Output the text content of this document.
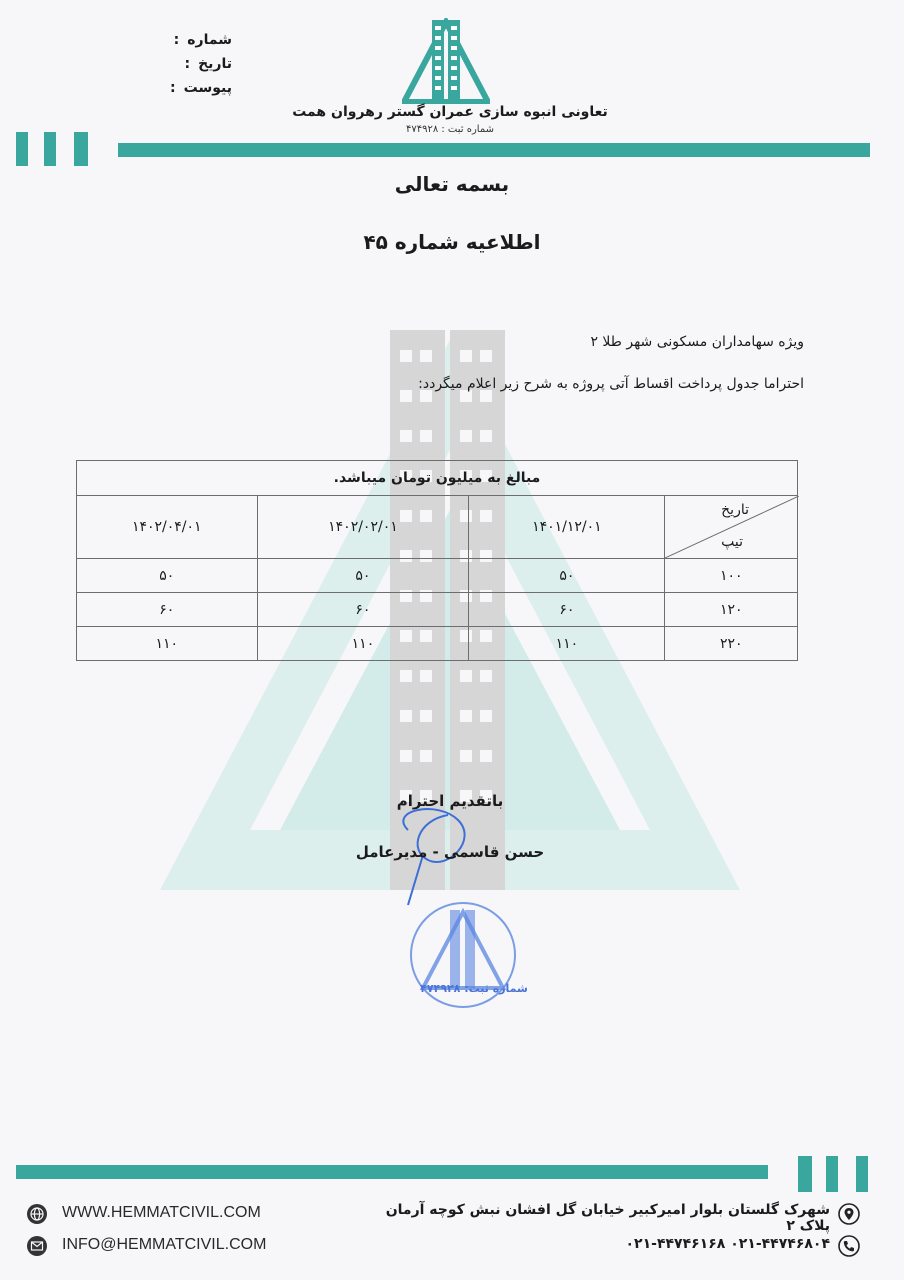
شماره
:
تاریخ
:
پیوست
:
تعاونی انبوه سازی عمران گستر رهروان همت
شماره ثبت : ۴۷۴۹۲۸
بسمه تعالی
اطلاعیه شماره ۴۵
ویژه سهامداران مسکونی شهر طلا ۲
احتراما جدول پرداخت اقساط آتی پروژه به شرح زیر اعلام میگردد:
مبالغ به میلیون تومان میباشد.			

تاریخ
تیپ	۱۴۰۱/۱۲/۰۱	۱۴۰۲/۰۲/۰۱	۱۴۰۲/۰۴/۰۱
۱۰۰	۵۰	۵۰	۵۰
۱۲۰	۶۰	۶۰	۶۰
۲۲۰	۱۱۰	۱۱۰	۱۱۰
شماره ثبت: ۴۷۴۹۲۸
باتقدیم احترام
حسن قاسمی - مدیرعامل
شهرک گلستان بلوار امیرکبیر خیابان گل افشان نبش کوچه آرمان پلاک ۲
۰۲۱-۴۴۷۴۶۸۰۴ ۰۲۱-۴۴۷۴۶۱۶۸
WWW.HEMMATCIVIL.COM
INFO@HEMMATCIVIL.COM
